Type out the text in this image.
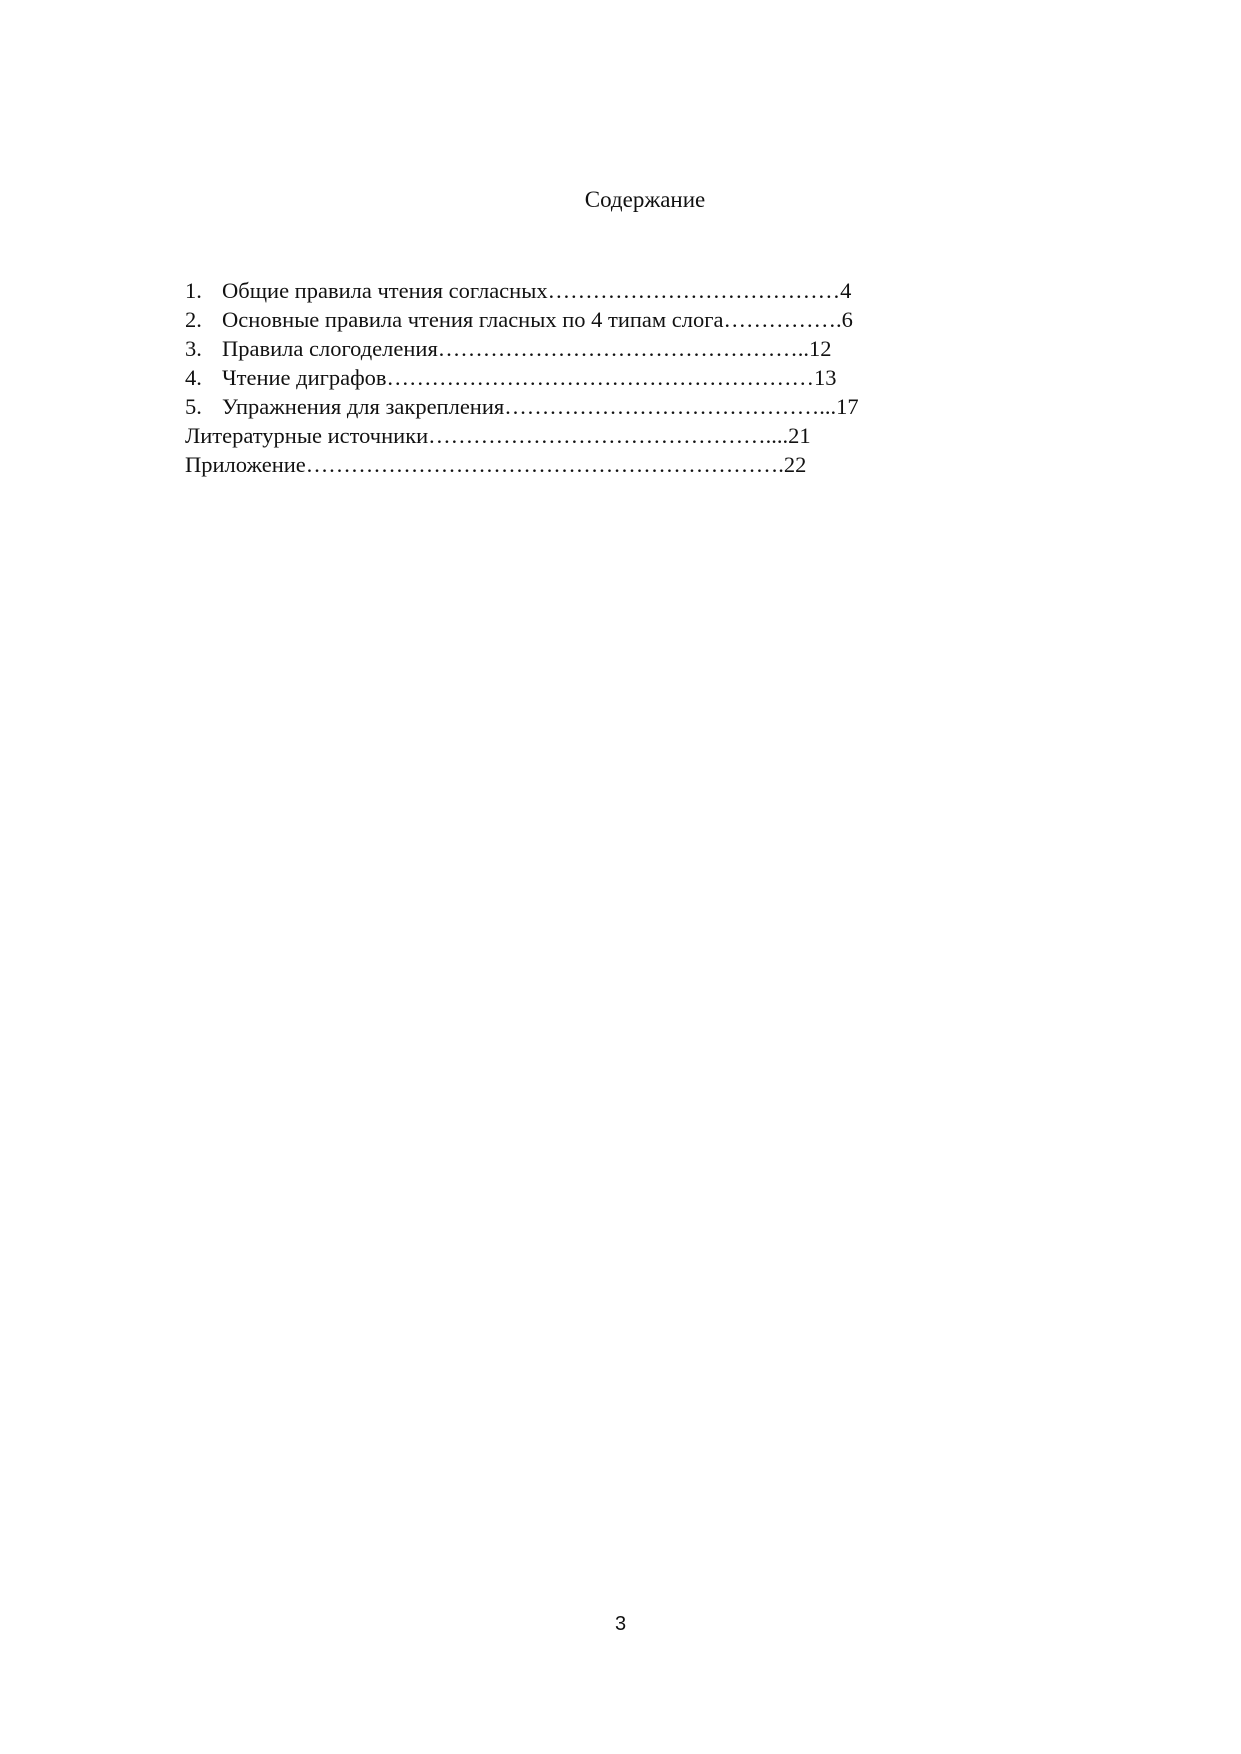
Содержание
1. Общие правила чтения согласных…………………………………4
2. Основные правила чтения гласных по 4 типам слога…………….6
3. Правила слогоделения…………………………………………..12
4. Чтение диграфов…………………………………………………13
5. Упражнения для закрепления……………………………………...17
Литературные источники………………………………………....21
Приложение……………………………………………………….22
3
